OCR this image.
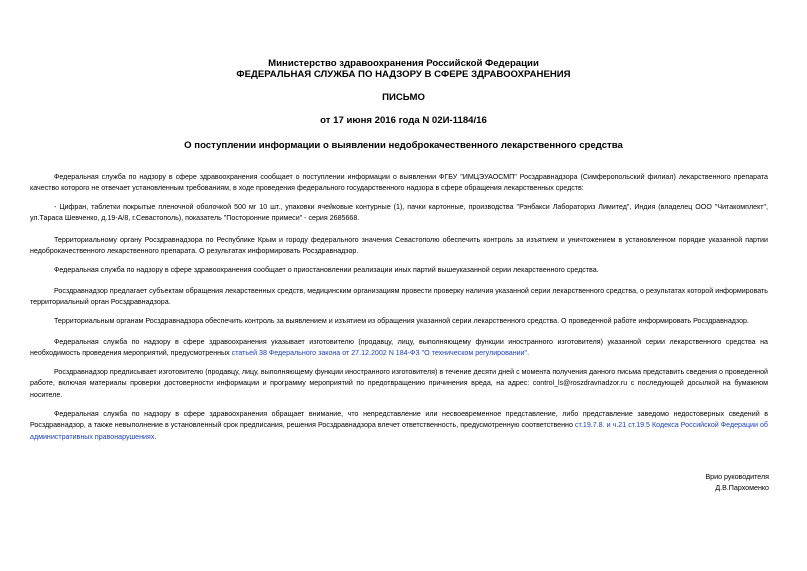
Министерство здравоохранения Российской Федерации
ФЕДЕРАЛЬНАЯ СЛУЖБА ПО НАДЗОРУ В СФЕРЕ ЗДРАВООХРАНЕНИЯ
ПИСЬМО
от 17 июня 2016 года N 02И-1184/16
О поступлении информации о выявлении недоброкачественного лекарственного средства

Федеральная служба по надзору в сфере здравоохранения сообщает о поступлении информации о выявлении ФГБУ "ИМЦЭУАОСМП" Росздравнадзора (Симферопольский филиал) лекарственного препарата качество которого не отвечает установленным требованиям, в ходе проведения федерального государственного надзора в сфере обращения лекарственных средств:

- Цифран, таблетки покрытые пленочной оболочкой 500 мг 10 шт., упаковки ячейковые контурные (1), пачки картонные, производства "Рэнбакси Лабораториз Лимитед", Индия (владелец ООО "Читакомплект", ул.Тараса Шевченко, д.19-А/8, г.Севастополь), показатель "Посторонние примеси" - серия 2685668.

Территориальному органу Росздравнадзора по Республике Крым и городу федерального значения Севастополю обеспечить контроль за изъятием и уничтожением в установленном порядке указанной партии недоброкачественного лекарственного препарата. О результатах информировать Росздравнадзор.

Федеральная служба по надзору в сфере здравоохранения сообщает о приостановлении реализации иных партий вышеуказанной серии лекарственного средства.

Росздравнадзор предлагает субъектам обращения лекарственных средств, медицинским организациям провести проверку наличия указанной серии лекарственного средства, о результатах которой информировать территориальный орган Росздравнадзора.

Территориальным органам Росздравнадзора обеспечить контроль за выявлением и изъятием из обращения указанной серии лекарственного средства. О проведенной работе информировать Росздравнадзор.

Федеральная служба по надзору в сфере здравоохранения указывает изготовителю (продавцу, лицу, выполняющему функции иностранного изготовителя) указанной серии лекарственного средства на необходимость проведения мероприятий, предусмотренных статьей 38 Федерального закона от 27.12.2002 N 184-ФЗ "О техническом регулировании".

Росздравнадзор предписывает изготовителю (продавцу, лицу, выполняющему функции иностранного изготовителя) в течение десяти дней с момента получения данного письма представить сведения о проведенной работе, включая материалы проверки достоверности информации и программу мероприятий по предотвращению причинения вреда, на адрес: control_ls@roszdravnadzor.ru с последующей досылкой на бумажном носителе.

Федеральная служба по надзору в сфере здравоохранения обращает внимание, что непредставление или несвоевременное представление, либо представление заведомо недостоверных сведений в Росздравнадзор, а также невыполнение в установленный срок предписания, решения Росздравнадзора влечет ответственность, предусмотренную соответственно ст.19.7.8. и ч.21 ст.19.5 Кодекса Российской Федерации об административных правонарушениях.

Врио руководителя
Д.В.Пархоменко
